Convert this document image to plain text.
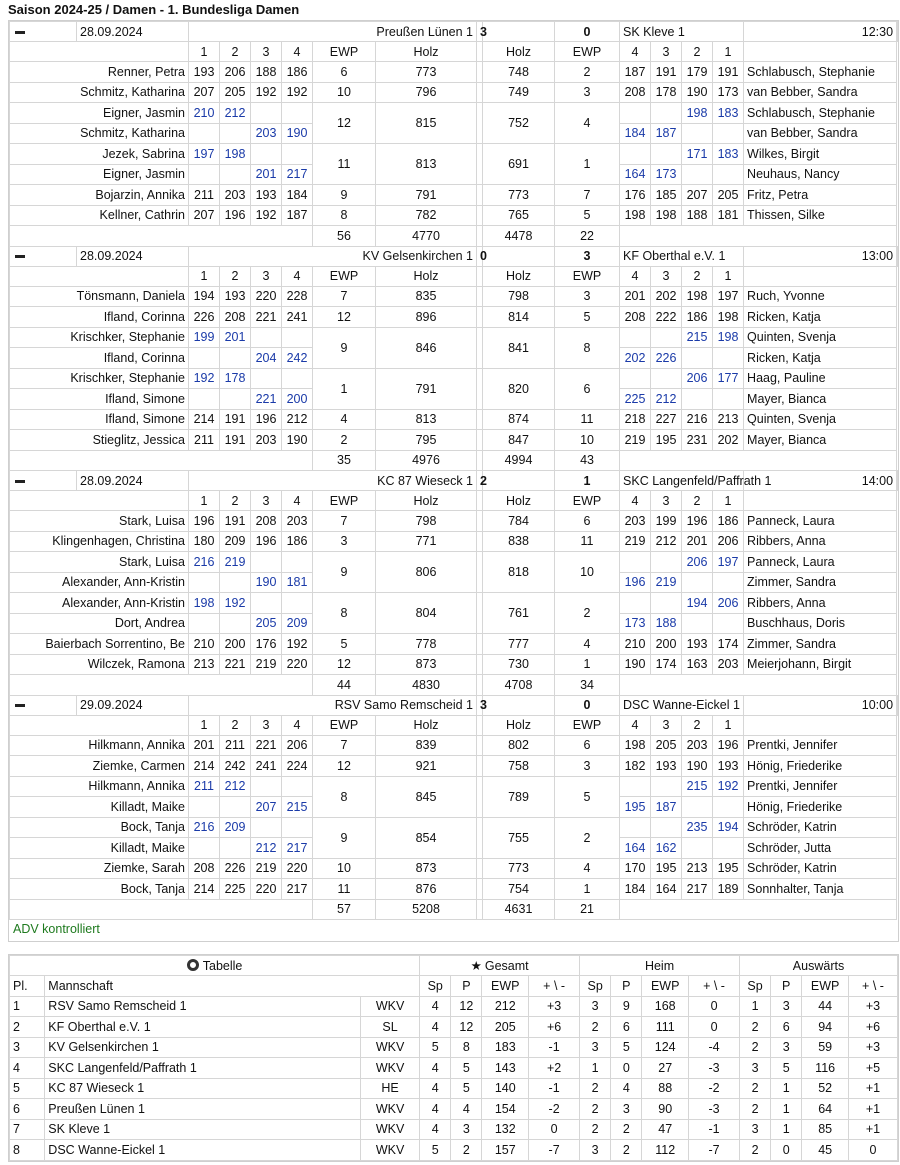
Saison 2024-25 / Damen - 1. Bundesliga Damen
	28.09.2024	Preußen Lünen 1						3		0	SK Kleve 1				12:30	
		1	2	3	4	EWP	Holz		Holz	EWP	4	3	2	1		
Renner, Petra		193	206	188	186	6	773		748	2	187	191	179	191	Schlabusch, Stephanie	
Schmitz, Katharina		207	205	192	192	10	796		749	3	208	178	190	173	van Bebber, Sandra	
Eigner, Jasmin		210	212			12	815		752	4			198	183	Schlabusch, Stephanie	
Schmitz, Katharina				203	190						184	187			van Bebber, Sandra	
Jezek, Sabrina		197	198			11	813		691	1			171	183	Wilkes, Birgit	
Eigner, Jasmin				201	217						164	173			Neuhaus, Nancy	
Bojarzin, Annika		211	203	193	184	9	791		773	7	176	185	207	205	Fritz, Petra	
Kellner, Cathrin		207	196	192	187	8	782		765	5	198	198	188	181	Thissen, Silke	
						56	4770		4478	22						
	28.09.2024	KV Gelsenkirchen 1						0		3	KF Oberthal e.V. 1				13:00	
		1	2	3	4	EWP	Holz		Holz	EWP	4	3	2	1		
Tönsmann, Daniela		194	193	220	228	7	835		798	3	201	202	198	197	Ruch, Yvonne	
Ifland, Corinna		226	208	221	241	12	896		814	5	208	222	186	198	Ricken, Katja	
Krischker, Stephanie		199	201			9	846		841	8			215	198	Quinten, Svenja	
Ifland, Corinna				204	242						202	226			Ricken, Katja	
Krischker, Stephanie		192	178			1	791		820	6			206	177	Haag, Pauline	
Ifland, Simone				221	200						225	212			Mayer, Bianca	
Ifland, Simone		214	191	196	212	4	813		874	11	218	227	216	213	Quinten, Svenja	
Stieglitz, Jessica		211	191	203	190	2	795		847	10	219	195	231	202	Mayer, Bianca	
						35	4976		4994	43						
	28.09.2024	KC 87 Wieseck 1						2		1	SKC Langenfeld/Paffrath 1				14:00	
		1	2	3	4	EWP	Holz		Holz	EWP	4	3	2	1		
Stark, Luisa		196	191	208	203	7	798		784	6	203	199	196	186	Panneck, Laura	
Klingenhagen, Christina		180	209	196	186	3	771		838	11	219	212	201	206	Ribbers, Anna	
Stark, Luisa		216	219			9	806		818	10			206	197	Panneck, Laura	
Alexander, Ann-Kristin				190	181						196	219			Zimmer, Sandra	
Alexander, Ann-Kristin		198	192			8	804		761	2			194	206	Ribbers, Anna	
Dort, Andrea				205	209						173	188			Buschhaus, Doris	
Baierbach Sorrentino, Be		210	200	176	192	5	778		777	4	210	200	193	174	Zimmer, Sandra	
Wilczek, Ramona		213	221	219	220	12	873		730	1	190	174	163	203	Meierjohann, Birgit	
						44	4830		4708	34						
	29.09.2024	RSV Samo Remscheid 1						3		0	DSC Wanne-Eickel 1				10:00	
		1	2	3	4	EWP	Holz		Holz	EWP	4	3	2	1		
Hilkmann, Annika		201	211	221	206	7	839		802	6	198	205	203	196	Prentki, Jennifer	
Ziemke, Carmen		214	242	241	224	12	921		758	3	182	193	190	193	Hönig, Friederike	
Hilkmann, Annika		211	212			8	845		789	5			215	192	Prentki, Jennifer	
Killadt, Maike				207	215						195	187			Hönig, Friederike	
Bock, Tanja		216	209			9	854		755	2			235	194	Schröder, Katrin	
Killadt, Maike				212	217						164	162			Schröder, Jutta	
Ziemke, Sarah		208	226	219	220	10	873		773	4	170	195	213	195	Schröder, Katrin	
Bock, Tanja		214	225	220	217	11	876		754	1	184	164	217	189	Sonnhalter, Tanja	
						57	5208		4631	21						
ADV kontrolliert
Tabelle			★ Gesamt				Heim				Auswärts			
Pl.	Mannschaft		Sp	P	EWP	+ \ -	Sp	P	EWP	+ \ -	Sp	P	EWP	+ \ -
1	RSV Samo Remscheid 1	WKV	4	12	212	+3	3	9	168	0	1	3	44	+3
2	KF Oberthal e.V. 1	SL	4	12	205	+6	2	6	111	0	2	6	94	+6
3	KV Gelsenkirchen 1	WKV	5	8	183	-1	3	5	124	-4	2	3	59	+3
4	SKC Langenfeld/Paffrath 1	WKV	4	5	143	+2	1	0	27	-3	3	5	116	+5
5	KC 87 Wieseck 1	HE	4	5	140	-1	2	4	88	-2	2	1	52	+1
6	Preußen Lünen 1	WKV	4	4	154	-2	2	3	90	-3	2	1	64	+1
7	SK Kleve 1	WKV	4	3	132	0	2	2	47	-1	3	1	85	+1
8	DSC Wanne-Eickel 1	WKV	5	2	157	-7	3	2	112	-7	2	0	45	0
